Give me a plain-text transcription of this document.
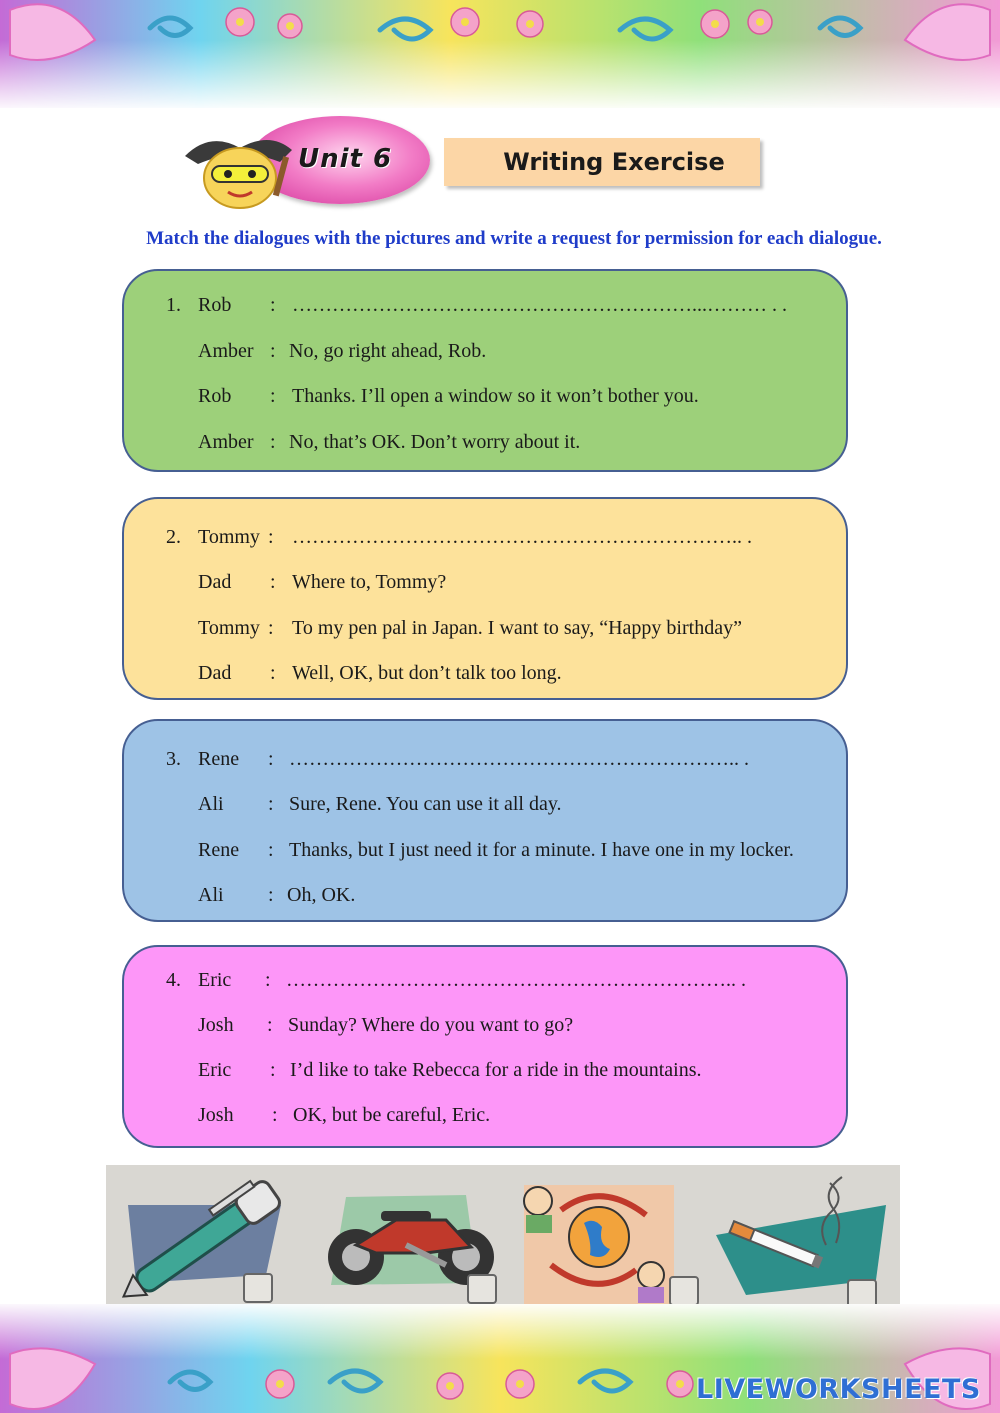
Unit 6	Writing Exercise
Match the dialogues with the pictures and write a request for permission for each dialogue.
1. Rob : ……………………………………………………...……… . .
Amber : No, go right ahead, Rob.
Rob : Thanks. I’ll open a window so it won’t bother you.
Amber : No, that’s OK. Don’t worry about it.
2. Tommy : ………………………………………………………….. .
Dad : Where to, Tommy?
Tommy : To my pen pal in Japan. I want to say, “Happy birthday”
Dad : Well, OK, but don’t talk too long.
3. Rene : ………………………………………………………….. .
Ali : Sure, Rene. You can use it all day.
Rene : Thanks, but I just need it for a minute. I have one in my locker.
Ali : Oh, OK.
4. Eric : ………………………………………………………….. .
Josh : Sunday? Where do you want to go?
Eric : I’d like to take Rebecca for a ride in the mountains.
Josh : OK, but be careful, Eric.
LIVEWORKSHEETS
